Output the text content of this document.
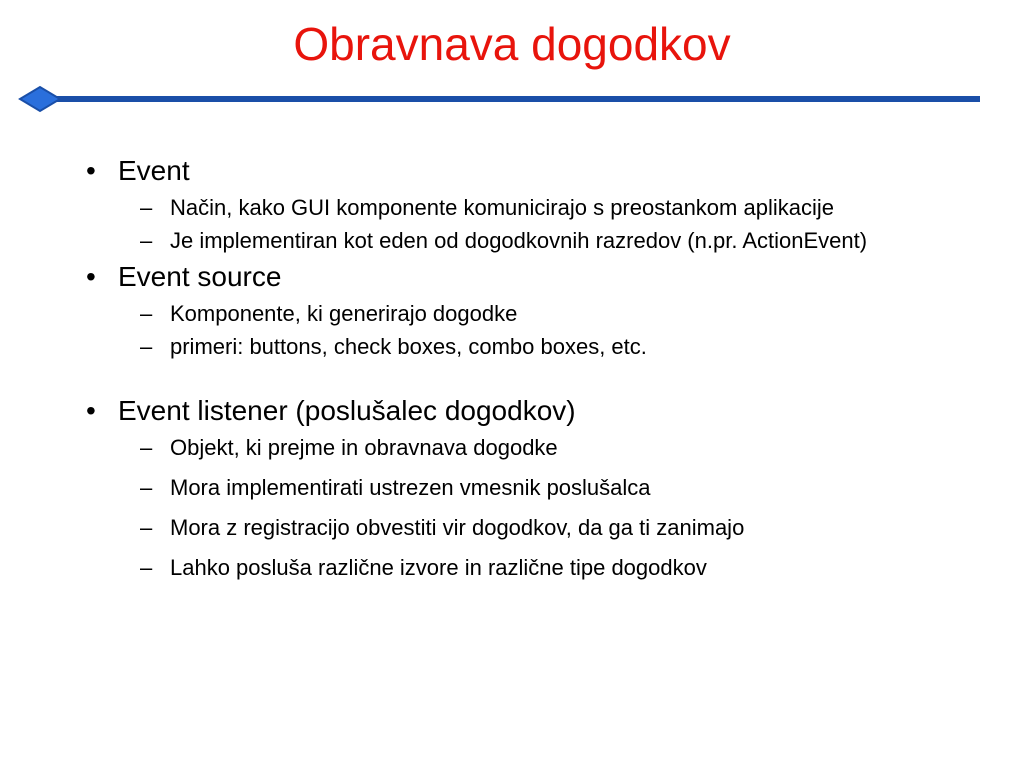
Obravnava dogodkov
• Event
– Način, kako GUI komponente komunicirajo s preostankom aplikacije
– Je implementiran kot eden od dogodkovnih razredov (n.pr. ActionEvent)
• Event source
– Komponente, ki generirajo dogodke
– primeri: buttons, check boxes, combo boxes, etc.
• Event listener (poslušalec dogodkov)
– Objekt, ki prejme in obravnava dogodke
– Mora implementirati ustrezen vmesnik poslušalca
– Mora z registracijo obvestiti vir dogodkov, da ga ti zanimajo
– Lahko posluša različne izvore in različne tipe dogodkov
